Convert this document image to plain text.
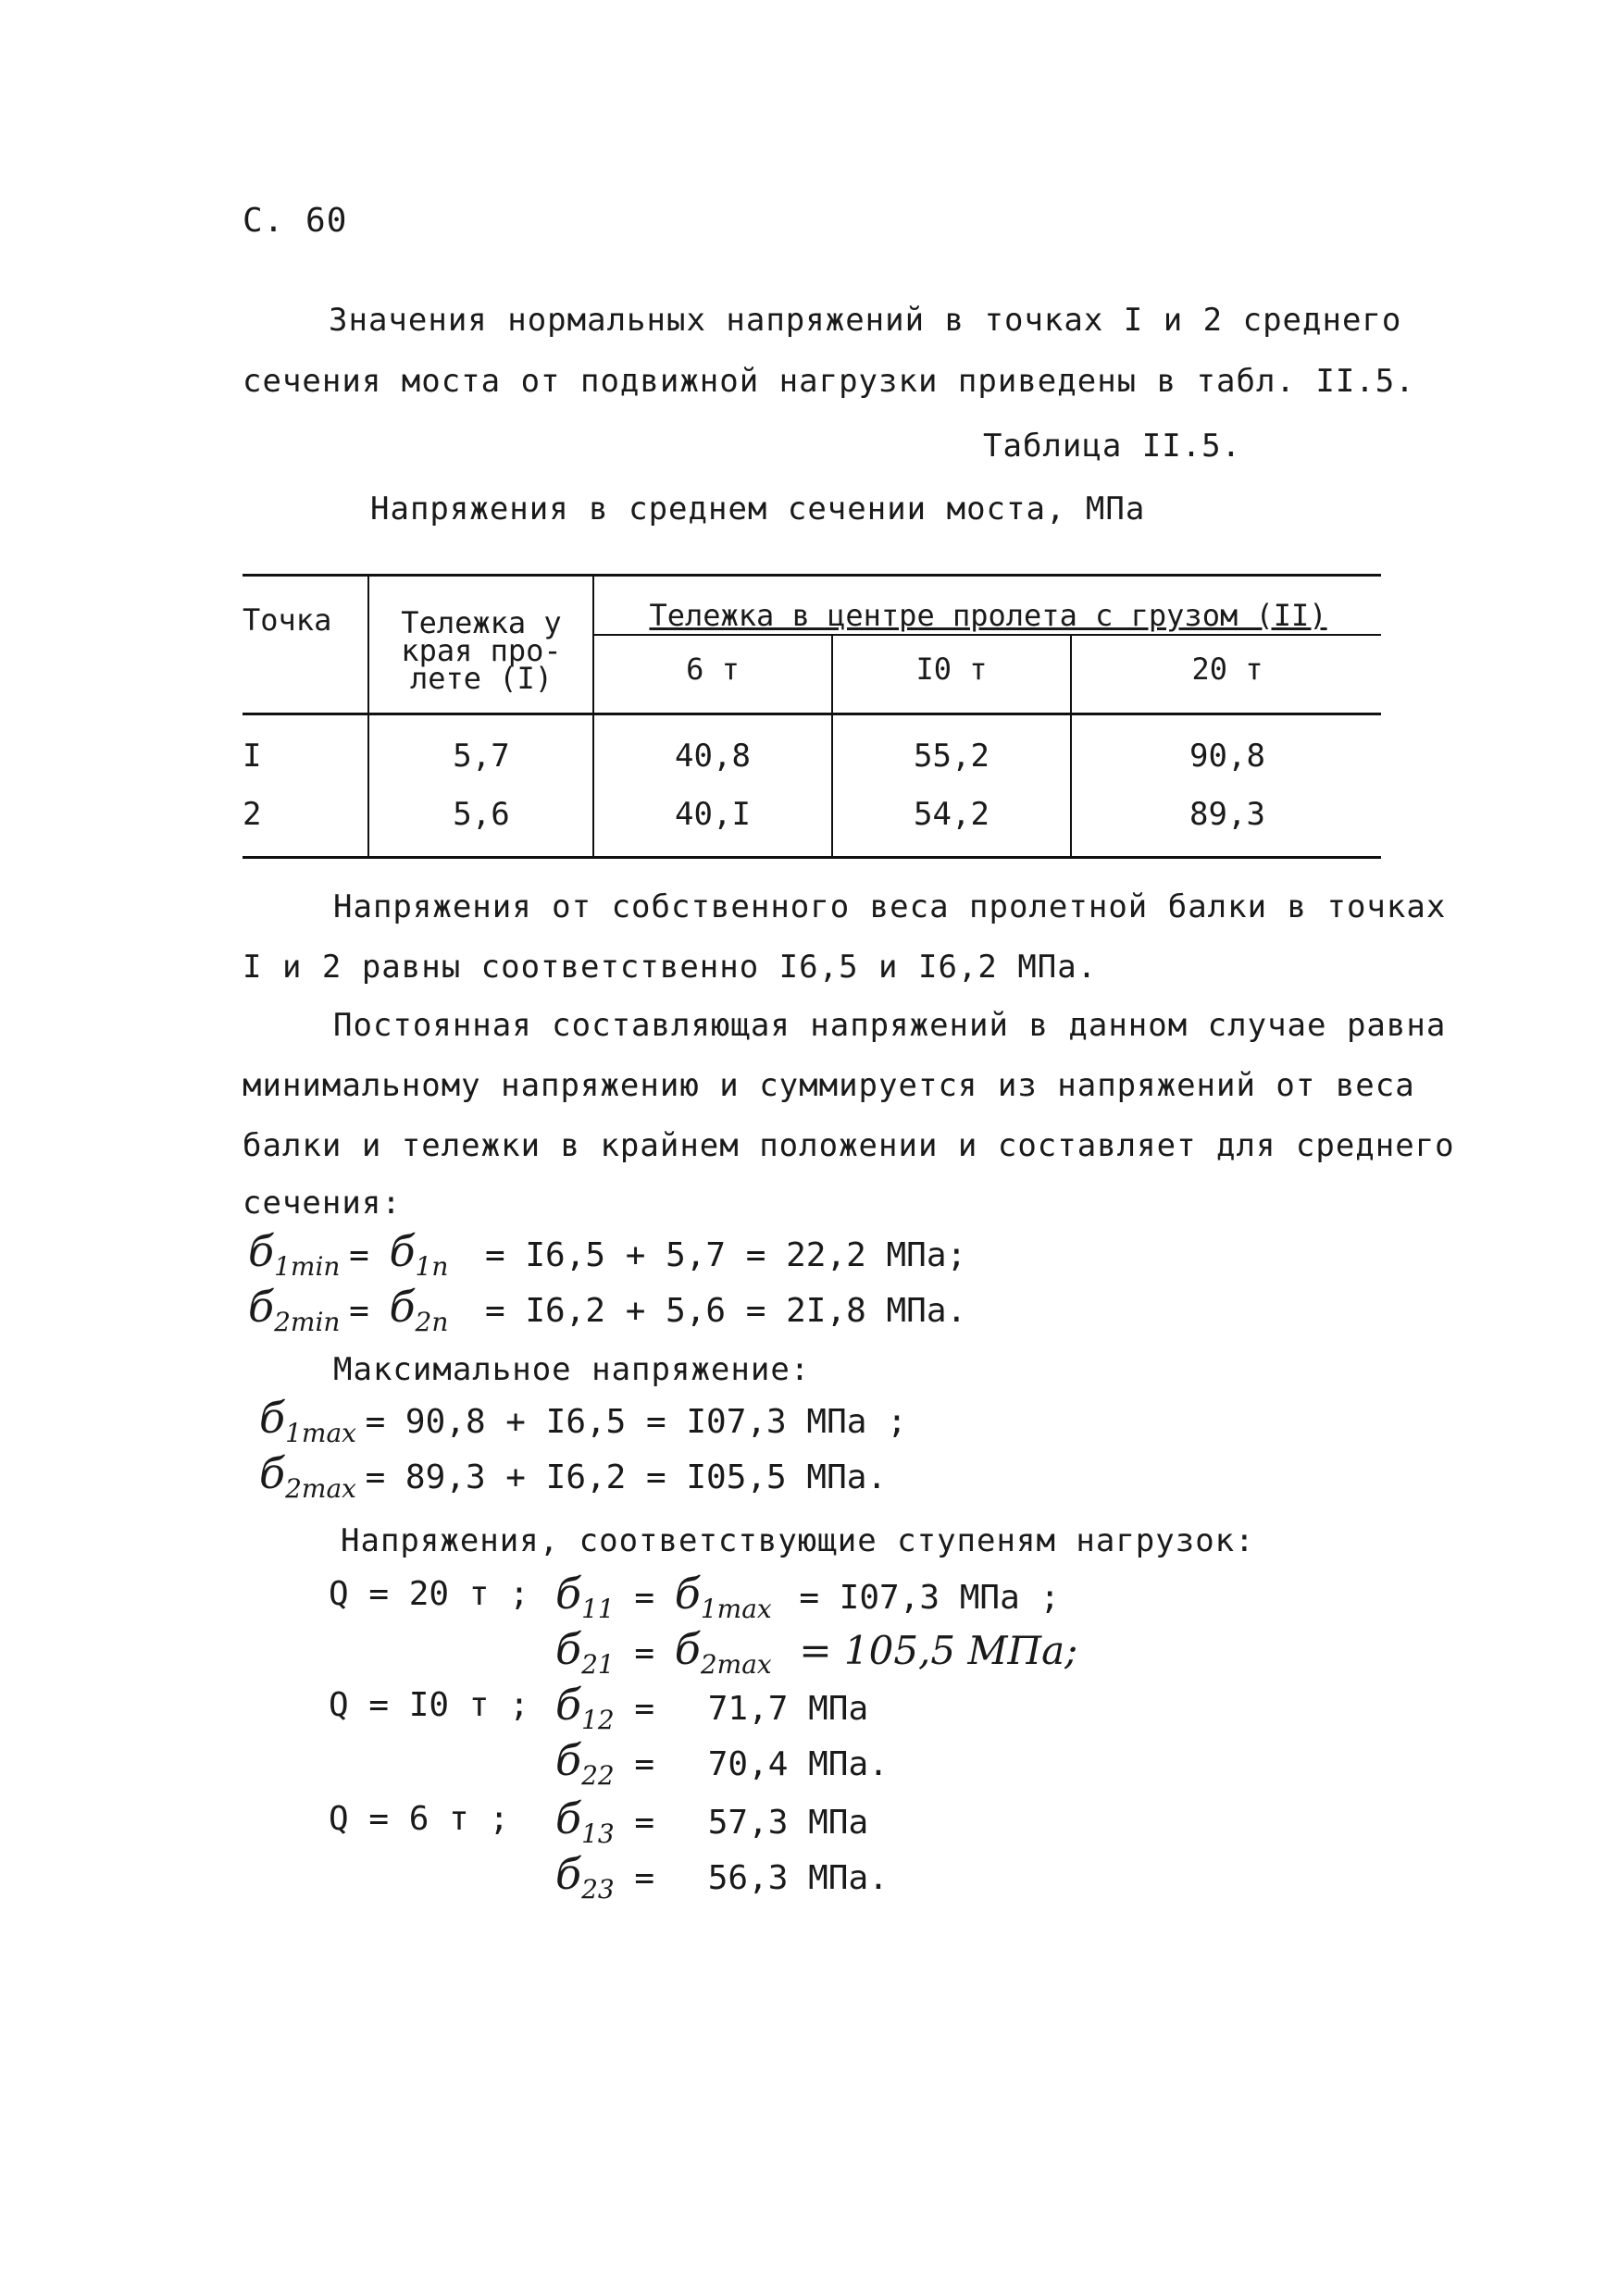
С. 60
Значения нормальных напряжений в точках I и 2 среднего
сечения моста от подвижной нагрузки приведены в табл. II.5.
Таблица II.5.
Напряжения в среднем сечении моста, МПа
Точка	Тележка у
края про-
лете (I)
Тележка в центре пролета с грузом (II)
6 т	I0 т	20 т
I	5,7	40,8	55,2	90,8
2	5,6	40,I	54,2	89,3
Напряжения от собственного веса пролетной балки в точках
I и 2 равны соответственно I6,5 и I6,2 МПа.
Постоянная составляющая напряжений в данном случае равна
минимальному напряжению и суммируется из напряжений от веса
балки и тележки в крайнем положении и составляет для среднего
сечения:
$б_{1min} = б_{1п} = I6,5 + 5,7 = 22,2$ МПа;
$б_{2min} = б_{2п} = I6,2 + 5,6 = 2I,8$ МПа.
Максимальное напряжение:
$б_{1max} = 90,8 + I6,5 = I07,3$ МПа ;
$б_{2max} = 89,3 + I6,2 = I05,5$ МПа.
Напряжения, соответствующие ступеням нагрузок:
Q = 20 т ; $б_{11} = б_{1max} = I07,3$ МПа ;
$б_{21} = б_{2max} = 105,5$ МПа;
Q = I0 т ; $б_{12} = 71,7$ МПа
$б_{22} = 70,4$ МПа.
Q = 6 т ; $б_{13} = 57,3$ МПа
$б_{23} = 56,3$ МПа.
